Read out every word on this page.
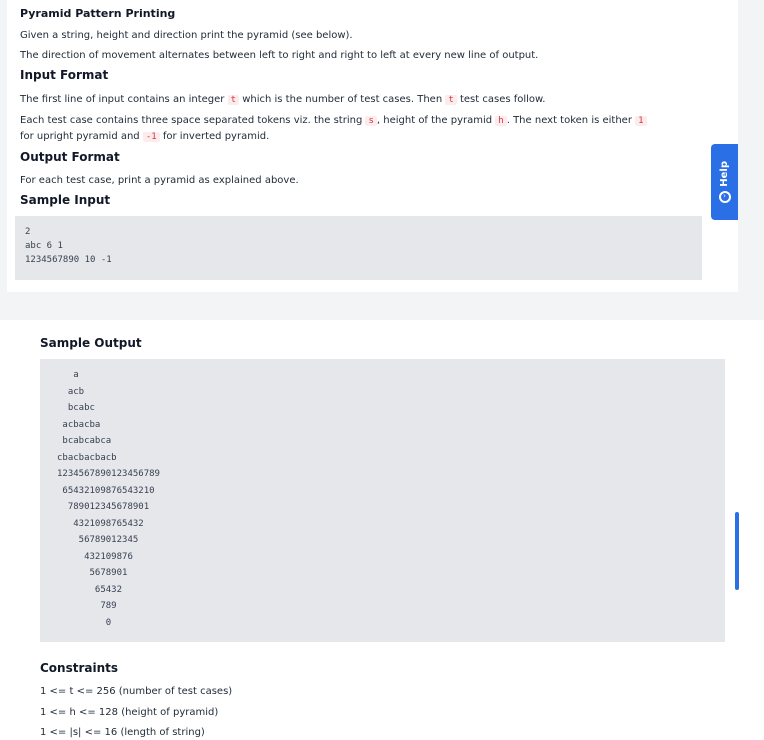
Pyramid Pattern Printing
Given a string, height and direction print the pyramid (see below).
The direction of movement alternates between left to right and right to left at every new line of output.
Input Format
The first line of input contains an integer t which is the number of test cases. Then t test cases follow.
Each test case contains three space separated tokens viz. the string s , height of the pyramid h . The next token is either 1
for upright pyramid and -1 for inverted pyramid.
Output Format
For each test case, print a pyramid as explained above.
Sample Input
2
abc 6 1
1234567890 10 -1
Help
›
Sample Output
a
acb
bcabc
acbacba
bcabcabca
cbacbacbacb
1234567890123456789
65432109876543210
789012345678901
4321098765432
56789012345
432109876
5678901
65432
789
0
Constraints
1 <= t <= 256 (number of test cases)
1 <= h <= 128 (height of pyramid)
1 <= |s| <= 16 (length of string)
